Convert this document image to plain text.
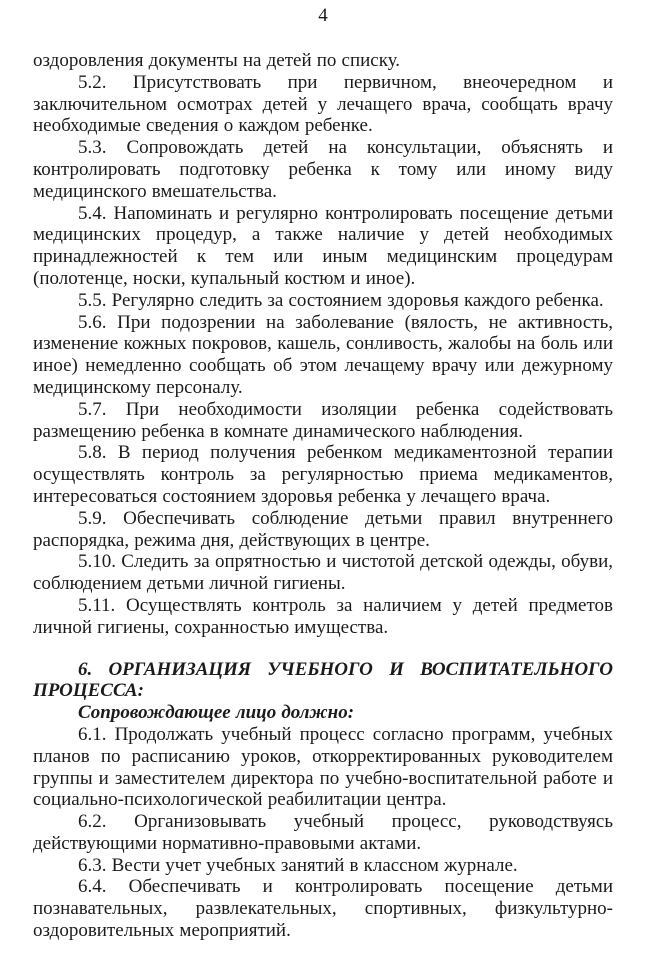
4

оздоровления документы на детей по списку.

5.2. Присутствовать при первичном, внеочередном и заключительном осмотрах детей у лечащего врача, сообщать врачу необходимые сведения о каждом ребенке.

5.3. Сопровождать детей на консультации, объяснять и контролировать подготовку ребенка к тому или иному виду медицинского вмешательства.

5.4. Напоминать и регулярно контролировать посещение детьми медицинских процедур, а также наличие у детей необходимых принадлежностей к тем или иным медицинским процедурам (полотенце, носки, купальный костюм и иное).

5.5. Регулярно следить за состоянием здоровья каждого ребенка.

5.6. При подозрении на заболевание (вялость, не активность, изменение кожных покровов, кашель, сонливость, жалобы на боль или иное) немедленно сообщать об этом лечащему врачу или дежурному медицинскому персоналу.

5.7. При необходимости изоляции ребенка содействовать размещению ребенка в комнате динамического наблюдения.

5.8. В период получения ребенком медикаментозной терапии осуществлять контроль за регулярностью приема медикаментов, интересоваться состоянием здоровья ребенка у лечащего врача.

5.9. Обеспечивать соблюдение детьми правил внутреннего распорядка, режима дня, действующих в центре.

5.10. Следить за опрятностью и чистотой детской одежды, обуви, соблюдением детьми личной гигиены.

5.11. Осуществлять контроль за наличием у детей предметов личной гигиены, сохранностью имущества.

6. ОРГАНИЗАЦИЯ УЧЕБНОГО И ВОСПИТАТЕЛЬНОГО ПРОЦЕССА:

Сопровождающее лицо должно:

6.1. Продолжать учебный процесс согласно программ, учебных планов по расписанию уроков, откорректированных руководителем группы и заместителем директора по учебно-воспитательной работе и социально-психологической реабилитации центра.

6.2. Организовывать учебный процесс, руководствуясь действующими нормативно-правовыми актами.

6.3. Вести учет учебных занятий в классном журнале.

6.4. Обеспечивать и контролировать посещение детьми познавательных, развлекательных, спортивных, физкультурно-оздоровительных мероприятий.
